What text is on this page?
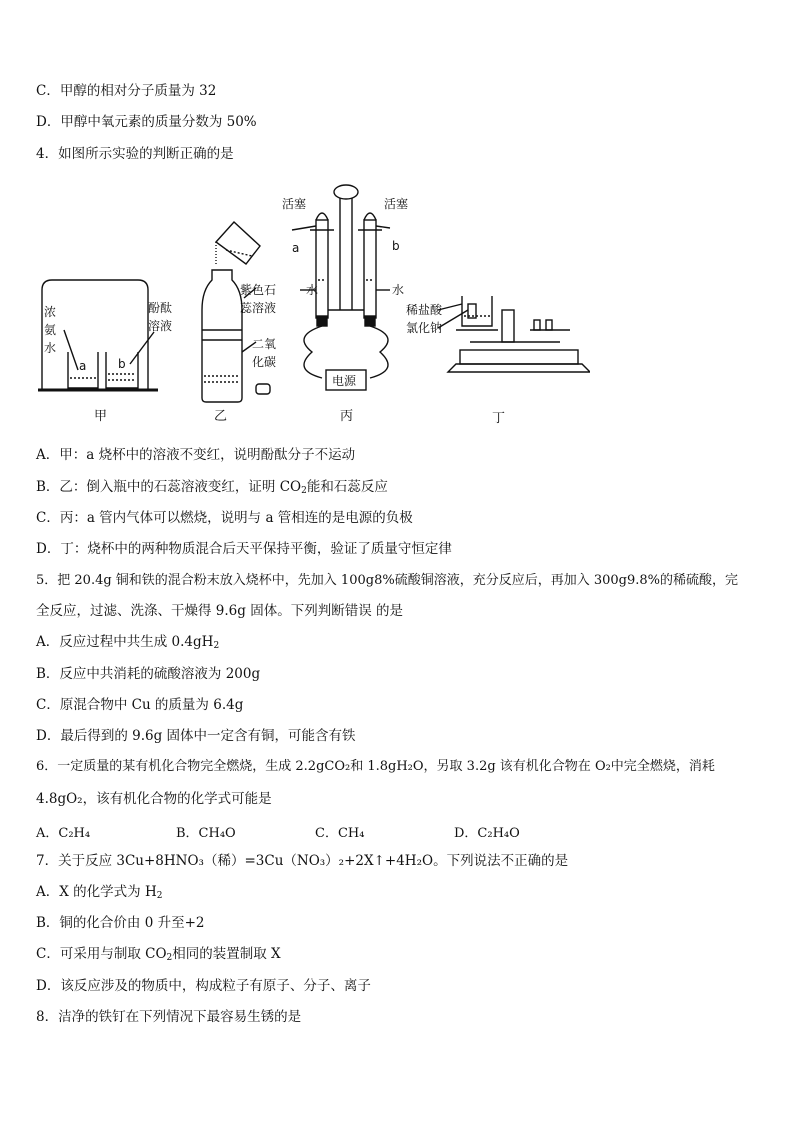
C．甲醇的相对分子质量为 32
D．甲醇中氧元素的质量分数为 50%
4．如图所示实验的判断正确的是
浓
氨
水
酚酞
溶液
a	b
紫色石
蕊溶液
二氧
化碳
活塞	活塞
a	b
水	水
电源
稀盐酸
氯化钠
甲	乙	丙	丁
A．甲：a 烧杯中的溶液不变红，说明酚酞分子不运动
B．乙：倒入瓶中的石蕊溶液变红，证明 $CO_2$能和石蕊反应
C．丙：a 管内气体可以燃烧，说明与 a 管相连的是电源的负极
D．丁：烧杯中的两种物质混合后天平保持平衡，验证了质量守恒定律
5．把 20.4g 铜和铁的混合粉末放入烧杯中，先加入 100g8%硫酸铜溶液，充分反应后，再加入 300g9.8%的稀硫酸，完
全反应，过滤、洗涤、干燥得 9.6g 固体。下列判断错误 的是
A．反应过程中共生成 $0.4gH_2$
B．反应中共消耗的硫酸溶液为 200g
C．原混合物中 Cu 的质量为 6.4g
D．最后得到的 9.6g 固体中一定含有铜，可能含有铁
6．一定质量的某有机化合物完全燃烧，生成 2.2gCO₂和 1.8gH₂O，另取 3.2g 该有机化合物在 O₂中完全燃烧，消耗
4.8gO₂，该有机化合物的化学式可能是
A．C₂H₄	B．CH₄O	C．CH₄	D．C₂H₄O
7．关于反应 3Cu+8HNO₃（稀）=3Cu（NO₃）₂+2X↑+4H₂O。下列说法不正确的是
A．X 的化学式为 $H_2$
B．铜的化合价由 0 升至+2
C．可采用与制取 $CO_2$相同的装置制取 X
D．该反应涉及的物质中，构成粒子有原子、分子、离子
8．洁净的铁钉在下列情况下最容易生锈的是
